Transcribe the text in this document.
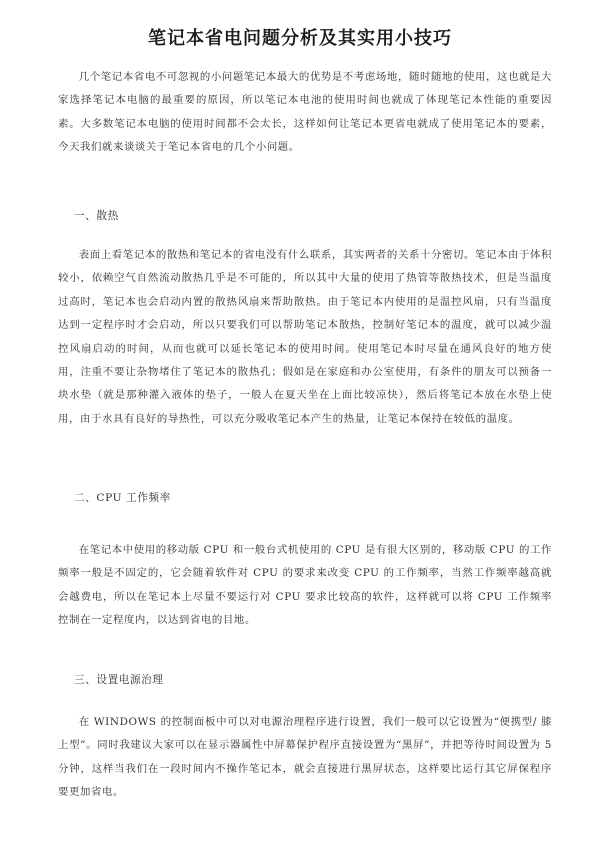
笔记本省电问题分析及其实用小技巧
几个笔记本省电不可忽视的小问题笔记本最大的优势是不考虑场地，随时随地的使用，这也就是大家选择笔记本电脑的最重要的原因，所以笔记本电池的使用时间也就成了体现笔记本性能的重要因素。大多数笔记本电脑的使用时间都不会太长，这样如何让笔记本更省电就成了使用笔记本的要素，今天我们就来谈谈关于笔记本省电的几个小问题。
一、散热
表面上看笔记本的散热和笔记本的省电没有什么联系，其实两者的关系十分密切。笔记本由于体积较小，依赖空气自然流动散热几乎是不可能的，所以其中大量的使用了热管等散热技术，但是当温度过高时，笔记本也会启动内置的散热风扇来帮助散热。由于笔记本内使用的是温控风扇，只有当温度达到一定程序时才会启动，所以只要我们可以帮助笔记本散热，控制好笔记本的温度，就可以减少温控风扇启动的时间，从而也就可以延长笔记本的使用时间。使用笔记本时尽量在通风良好的地方使用，注重不要让杂物堵住了笔记本的散热孔；假如是在家庭和办公室使用，有条件的朋友可以预备一块水垫（就是那种灌入液体的垫子，一般人在夏天坐在上面比较凉快），然后将笔记本放在水垫上使用，由于水具有良好的导热性，可以充分吸收笔记本产生的热量，让笔记本保持在较低的温度。
二、CPU 工作频率
在笔记本中使用的移动版 CPU 和一般台式机使用的 CPU 是有很大区别的，移动版 CPU 的工作频率一般是不固定的，它会随着软件对 CPU 的要求来改变 CPU 的工作频率，当然工作频率越高就会越费电，所以在笔记本上尽量不要运行对 CPU 要求比较高的软件，这样就可以将 CPU 工作频率控制在一定程度内，以达到省电的目地。
三、设置电源治理
在 WINDOWS 的控制面板中可以对电源治理程序进行设置，我们一般可以它设置为“便携型/ 膝上型”。同时我建议大家可以在显示器属性中屏幕保护程序直接设置为“黑屏”，并把等待时间设置为 5 分钟，这样当我们在一段时间内不操作笔记本，就会直接进行黑屏状态，这样要比运行其它屏保程序要更加省电。
